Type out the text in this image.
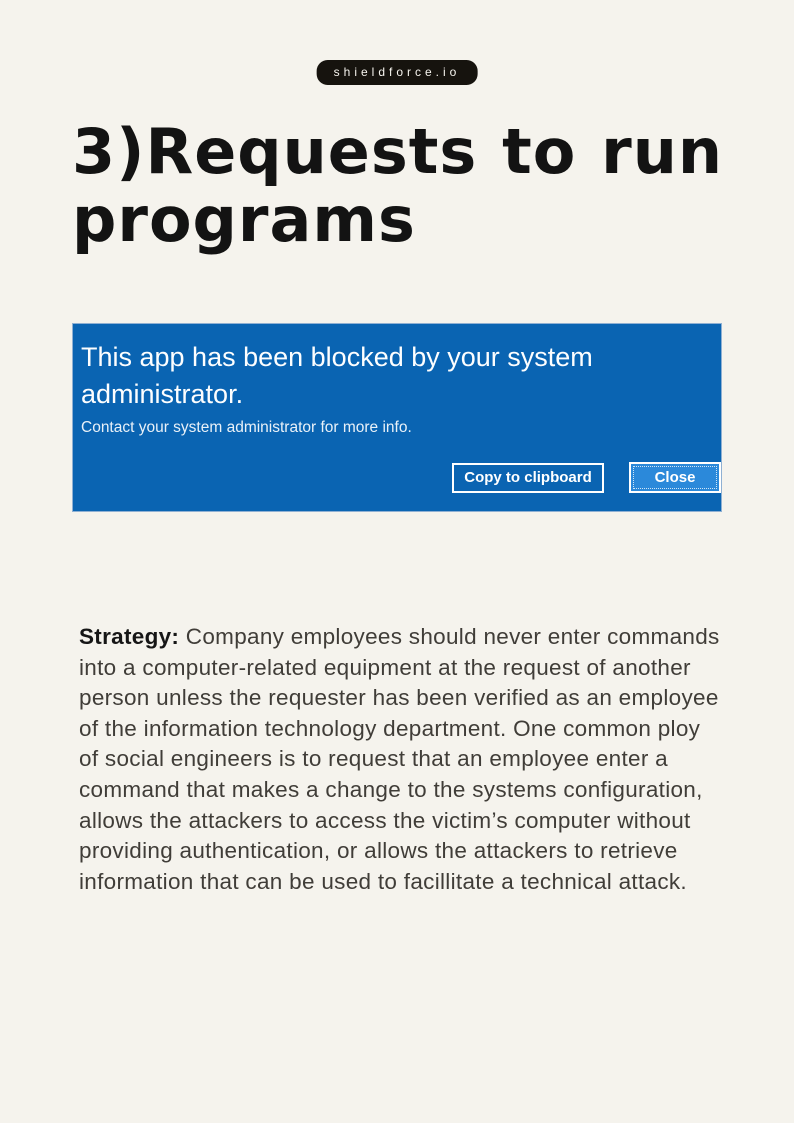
shieldforce.io
3)Requests to run programs
This app has been blocked by your system administrator.
Contact your system administrator for more info.
Copy to clipboard	Close

Strategy: Company employees should never enter commands into a computer-related equipment at the request of another person unless the requester has been verified as an employee of the information technology department. One common ploy of social engineers is to request that an employee enter a command that makes a change to the systems configuration, allows the attackers to access the victim’s computer without providing authentication, or allows the attackers to retrieve information that can be used to facillitate a technical attack.
